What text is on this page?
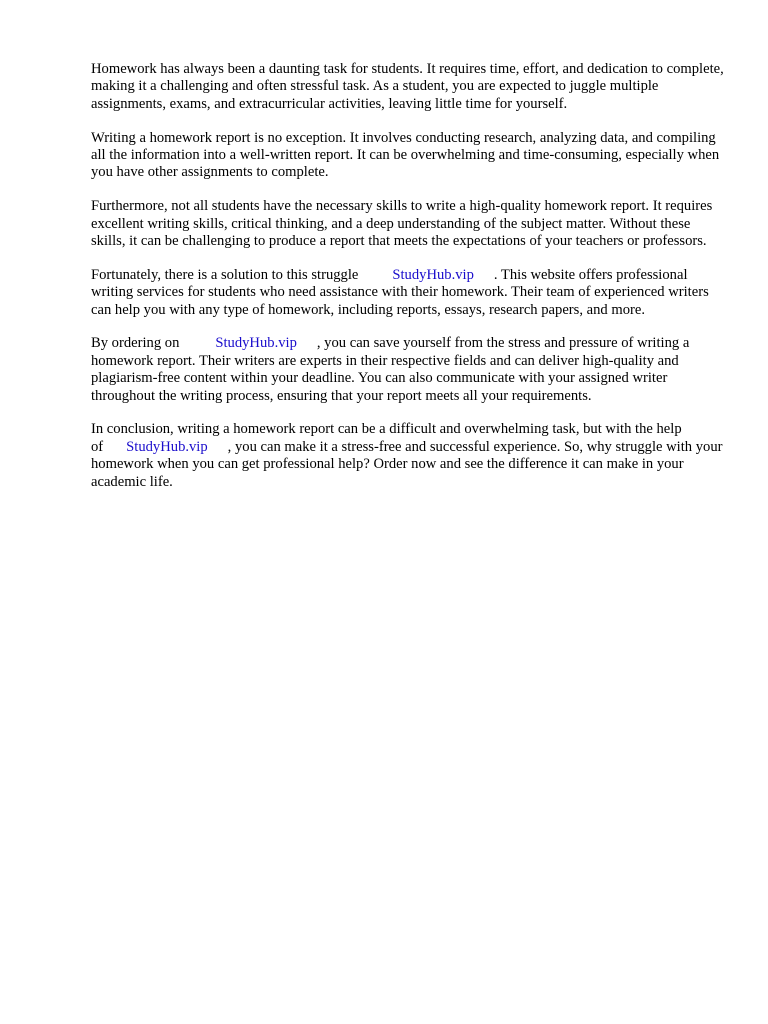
Homework has always been a daunting task for students. It requires time, effort, and dedication to complete, making it a challenging and often stressful task. As a student, you are expected to juggle multiple assignments, exams, and extracurricular activities, leaving little time for yourself.

Writing a homework report is no exception. It involves conducting research, analyzing data, and compiling all the information into a well-written report. It can be overwhelming and time-consuming, especially when you have other assignments to complete.

Furthermore, not all students have the necessary skills to write a high-quality homework report. It requires excellent writing skills, critical thinking, and a deep understanding of the subject matter. Without these skills, it can be challenging to produce a report that meets the expectations of your teachers or professors.

Fortunately, there is a solution to this struggle StudyHub.vip . This website offers professional writing services for students who need assistance with their homework. Their team of experienced writers can help you with any type of homework, including reports, essays, research papers, and more.

By ordering on StudyHub.vip , you can save yourself from the stress and pressure of writing a homework report. Their writers are experts in their respective fields and can deliver high-quality and plagiarism-free content within your deadline. You can also communicate with your assigned writer throughout the writing process, ensuring that your report meets all your requirements.

In conclusion, writing a homework report can be a difficult and overwhelming task, but with the help of StudyHub.vip , you can make it a stress-free and successful experience. So, why struggle with your homework when you can get professional help? Order now and see the difference it can make in your academic life.
